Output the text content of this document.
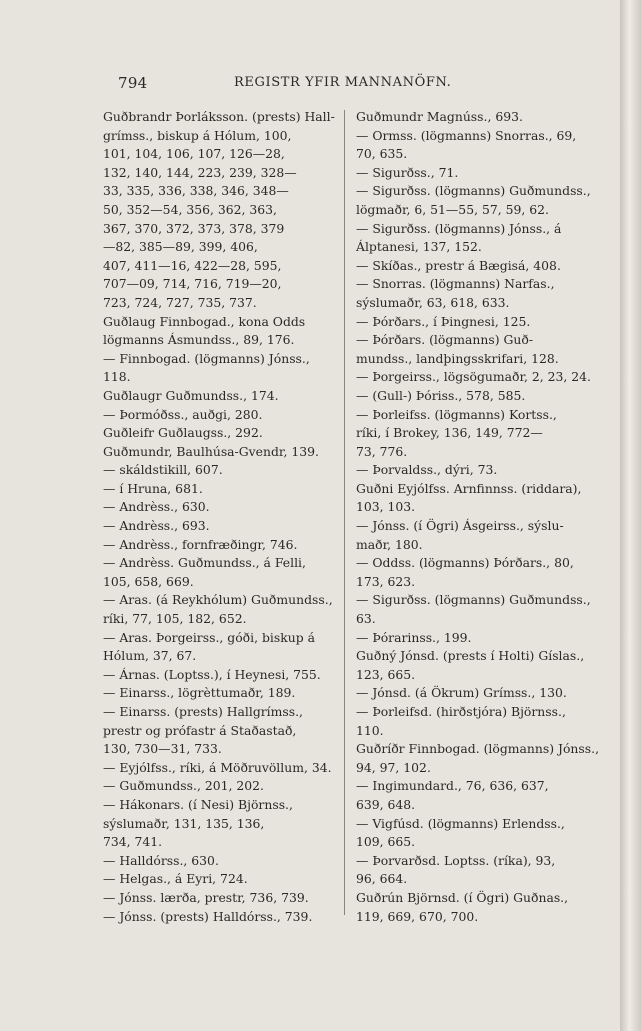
794	REGISTR YFIR MANNANÖFN.
Guðbrandr Þorláksson. (prests) Hall-
grímss., biskup á Hólum, 100,
101, 104, 106, 107, 126—28,
132, 140, 144, 223, 239, 328—
33, 335, 336, 338, 346, 348—
50, 352—54, 356, 362, 363,
367, 370, 372, 373, 378, 379
—82, 385—89, 399, 406,
407, 411—16, 422—28, 595,
707—09, 714, 716, 719—20,
723, 724, 727, 735, 737.
Guðlaug Finnbogad., kona Odds
lögmanns Ásmundss., 89, 176.
— Finnbogad. (lögmanns) Jónss.,
118.
Guðlaugr Guðmundss., 174.
— Þormóðss., auðgi, 280.
Guðleifr Guðlaugss., 292.
Guðmundr, Baulhúsa-Gvendr, 139.
— skáldstikill, 607.
— í Hruna, 681.
— Andrèss., 630.
— Andrèss., 693.
— Andrèss., fornfræðingr, 746.
— Andrèss. Guðmundss., á Felli,
105, 658, 669.
— Aras. (á Reykhólum) Guðmundss.,
ríki, 77, 105, 182, 652.
— Aras. Þorgeirss., góði, biskup á
Hólum, 37, 67.
— Árnas. (Loptss.), í Heynesi, 755.
— Einarss., lögrèttumaðr, 189.
— Einarss. (prests) Hallgrímss.,
prestr og prófastr á Staðastað,
130, 730—31, 733.
— Eyjólfss., ríki, á Möðruvöllum, 34.
— Guðmundss., 201, 202.
— Hákonars. (í Nesi) Björnss.,
sýslumaðr, 131, 135, 136,
734, 741.
— Halldórss., 630.
— Helgas., á Eyri, 724.
— Jónss. lærða, prestr, 736, 739.
— Jónss. (prests) Halldórss., 739.
Guðmundr Magnúss., 693.
— Ormss. (lögmanns) Snorras., 69,
70, 635.
— Sigurðss., 71.
— Sigurðss. (lögmanns) Guðmundss.,
lögmaðr, 6, 51—55, 57, 59, 62.
— Sigurðss. (lögmanns) Jónss., á
Álptanesi, 137, 152.
— Skíðas., prestr á Bægisá, 408.
— Snorras. (lögmanns) Narfas.,
sýslumaðr, 63, 618, 633.
— Þórðars., í Þingnesi, 125.
— Þórðars. (lögmanns) Guð-
mundss., landþingsskrifari, 128.
— Þorgeirss., lögsögumaðr, 2, 23, 24.
— (Gull-) Þóriss., 578, 585.
— Þorleifss. (lögmanns) Kortss.,
ríki, í Brokey, 136, 149, 772—
73, 776.
— Þorvaldss., dýri, 73.
Guðni Eyjólfss. Arnfinnss. (riddara),
103, 103.
— Jónss. (í Ögri) Ásgeirss., sýslu-
maðr, 180.
— Oddss. (lögmanns) Þórðars., 80,
173, 623.
— Sigurðss. (lögmanns) Guðmundss.,
63.
— Þórarinss., 199.
Guðný Jónsd. (prests í Holti) Gíslas.,
123, 665.
— Jónsd. (á Ökrum) Grímss., 130.
— Þorleifsd. (hirðstjóra) Björnss.,
110.
Guðríðr Finnbogad. (lögmanns) Jónss.,
94, 97, 102.
— Ingimundard., 76, 636, 637,
639, 648.
— Vigfúsd. (lögmanns) Erlendss.,
109, 665.
— Þorvarðsd. Loptss. (ríka), 93,
96, 664.
Guðrún Björnsd. (í Ögri) Guðnas.,
119, 669, 670, 700.
